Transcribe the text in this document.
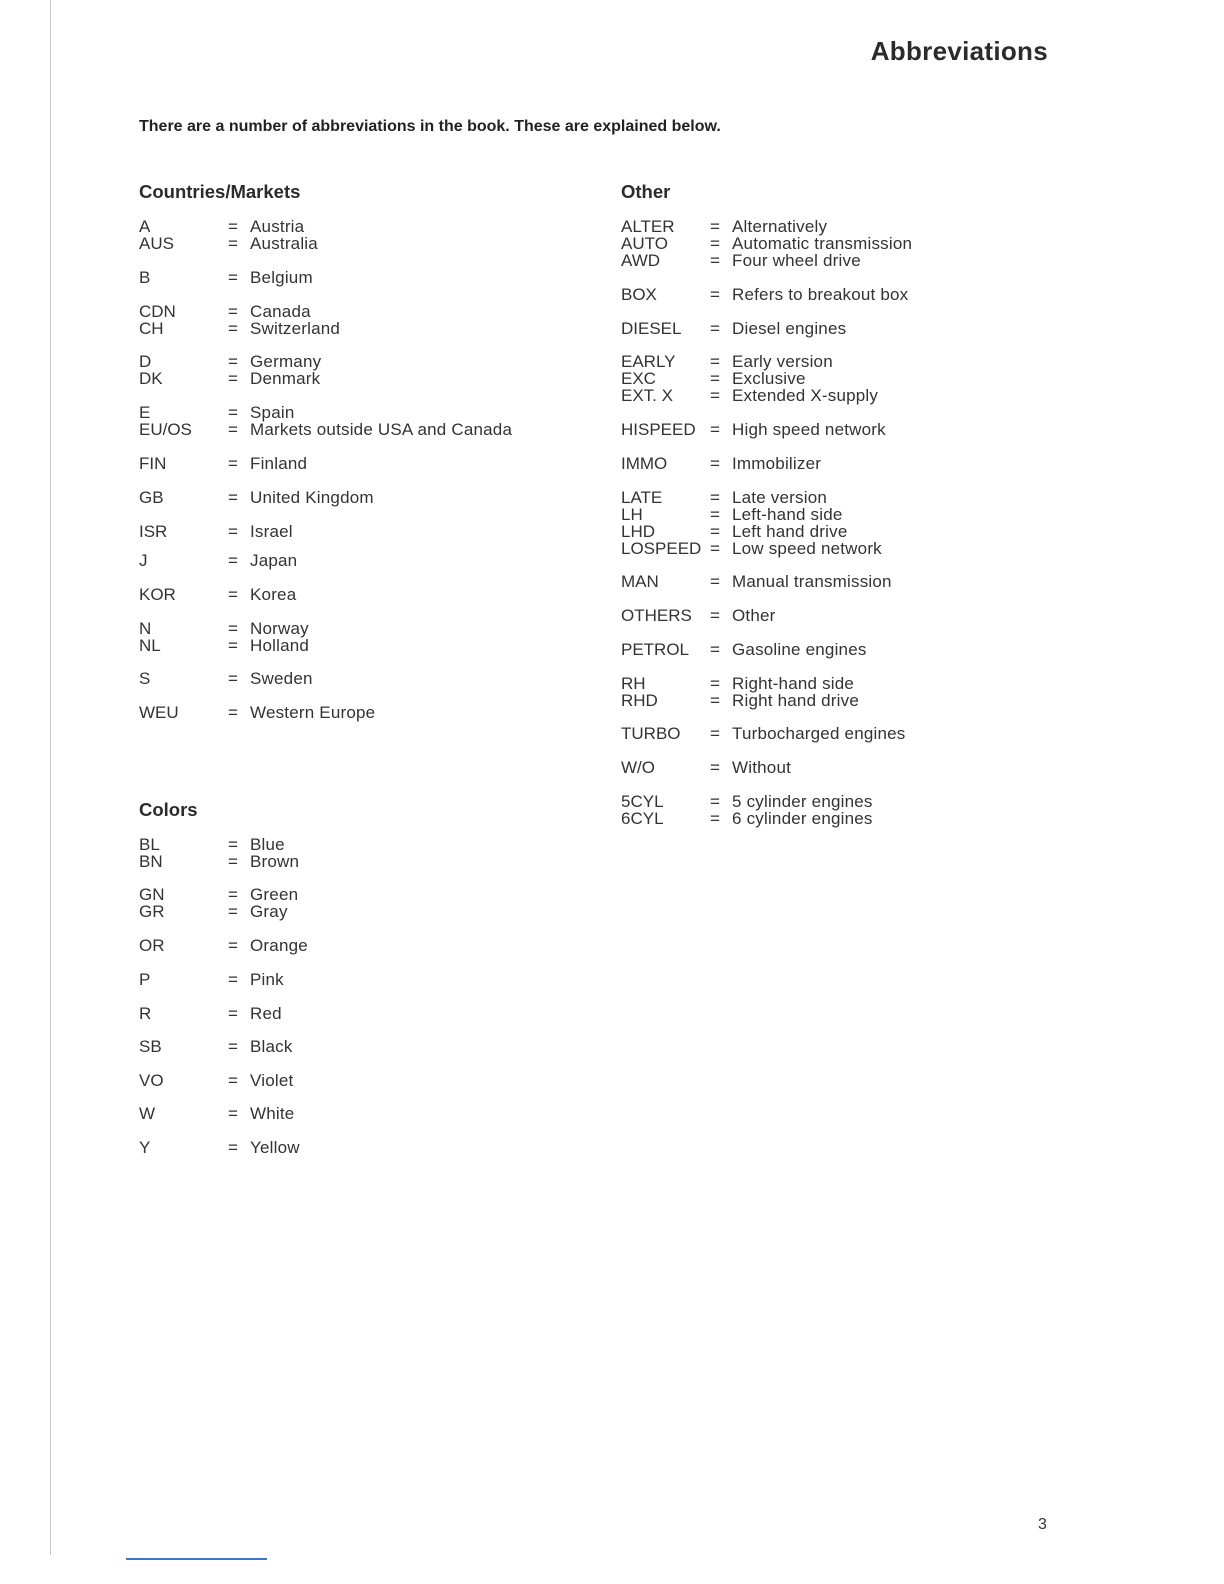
Abbreviations

There are a number of abbreviations in the book. These are explained below.

Countries/Markets
A	= Austria
AUS	= Australia
B	= Belgium
CDN	= Canada
CH	= Switzerland
D	= Germany
DK	= Denmark
E	= Spain
EU/OS = Markets outside USA and Canada
FIN	= Finland
GB	= United Kingdom
ISR	= Israel
J	= Japan
KOR	= Korea
N	= Norway
NL	= Holland
S	= Sweden
WEU	= Western Europe
Colors
BL	= Blue
BN	= Brown
GN	= Green
GR	= Gray
OR	= Orange
P	= Pink
R	= Red
SB	= Black
VO	= Violet
W	= White
Y	= Yellow
Other
ALTER = Alternatively
AUTO = Automatic transmission
AWD	= Four wheel drive
BOX	= Refers to breakout box
DIESEL = Diesel engines
EARLY = Early version
EXC	= Exclusive
EXT. X = Extended X-supply
HISPEED = High speed network
IMMO	= Immobilizer
LATE	= Late version
LH	= Left-hand side
LHD	= Left hand drive
LOSPEED = Low speed network
MAN	= Manual transmission
OTHERS = Other
PETROL = Gasoline engines
RH	= Right-hand side
RHD	= Right hand drive
TURBO = Turbocharged engines
W/O	= Without
5CYL	= 5 cylinder engines
6CYL	= 6 cylinder engines
3
